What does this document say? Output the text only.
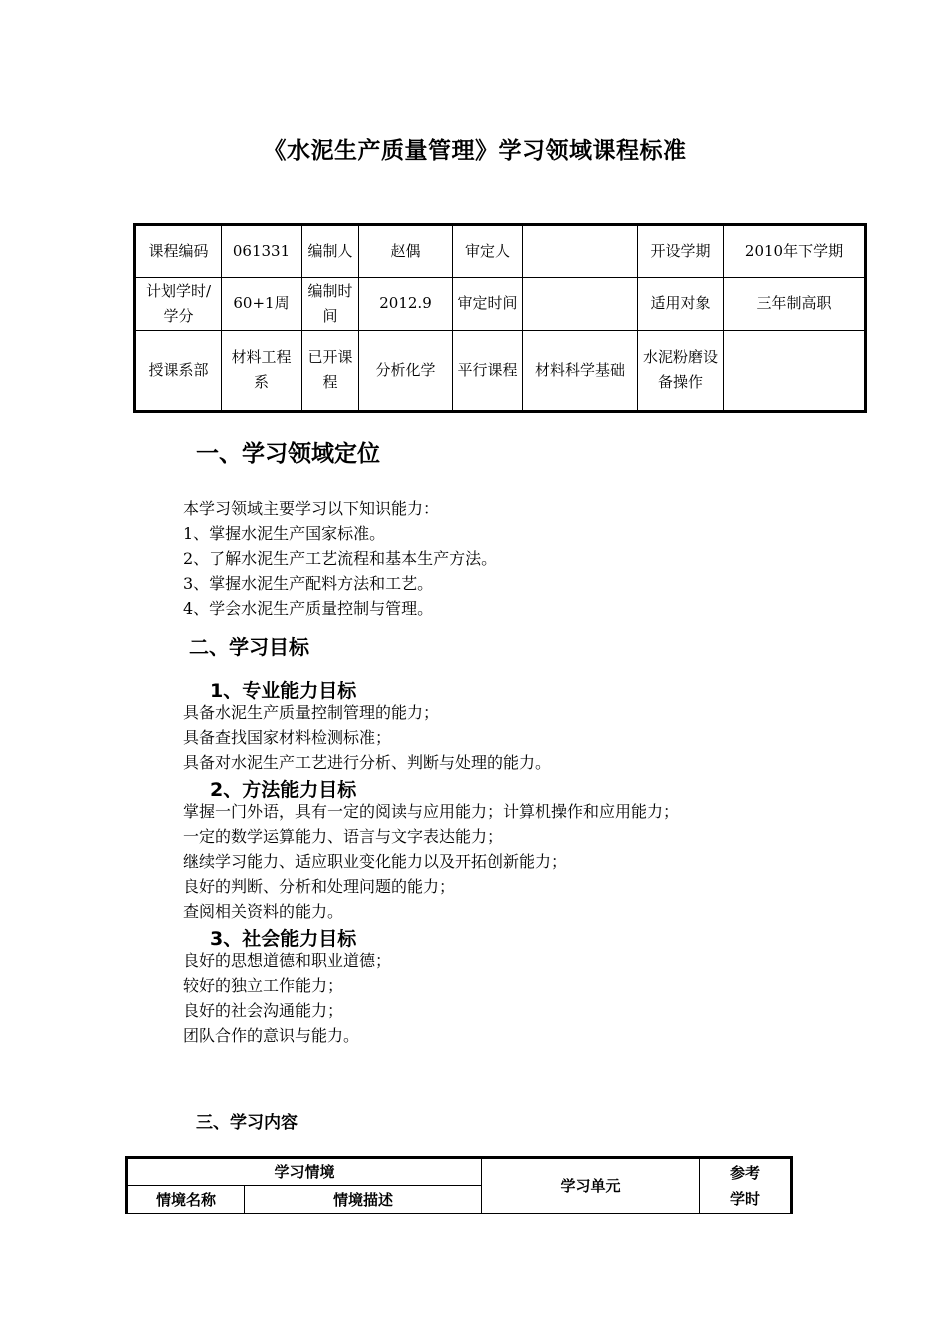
《水泥生产质量管理》学习领域课程标准
课程编码	061331	编制人	赵偶	审定人		开设学期	2010年下学期
计划学时/学分	60+1周	编制时间	2012.9	审定时间		适用对象	三年制高职
授课系部	材料工程系	已开课程	分析化学	平行课程	材料科学基础	水泥粉磨设备操作	
一、学习领域定位
本学习领域主要学习以下知识能力：
1、掌握水泥生产国家标准。
2、了解水泥生产工艺流程和基本生产方法。
3、掌握水泥生产配料方法和工艺。
4、学会水泥生产质量控制与管理。
二、学习目标
1、专业能力目标
具备水泥生产质量控制管理的能力；
具备查找国家材料检测标准；
具备对水泥生产工艺进行分析、判断与处理的能力。
2、方法能力目标
掌握一门外语，具有一定的阅读与应用能力；计算机操作和应用能力；
一定的数学运算能力、语言与文字表达能力；
继续学习能力、适应职业变化能力以及开拓创新能力；
良好的判断、分析和处理问题的能力；
查阅相关资料的能力。
3、社会能力目标
良好的思想道德和职业道德；
较好的独立工作能力；
良好的社会沟通能力；
团队合作的意识与能力。
三、学习内容
学习情境		学习单元	参考学时

情境名称	情境描述		
